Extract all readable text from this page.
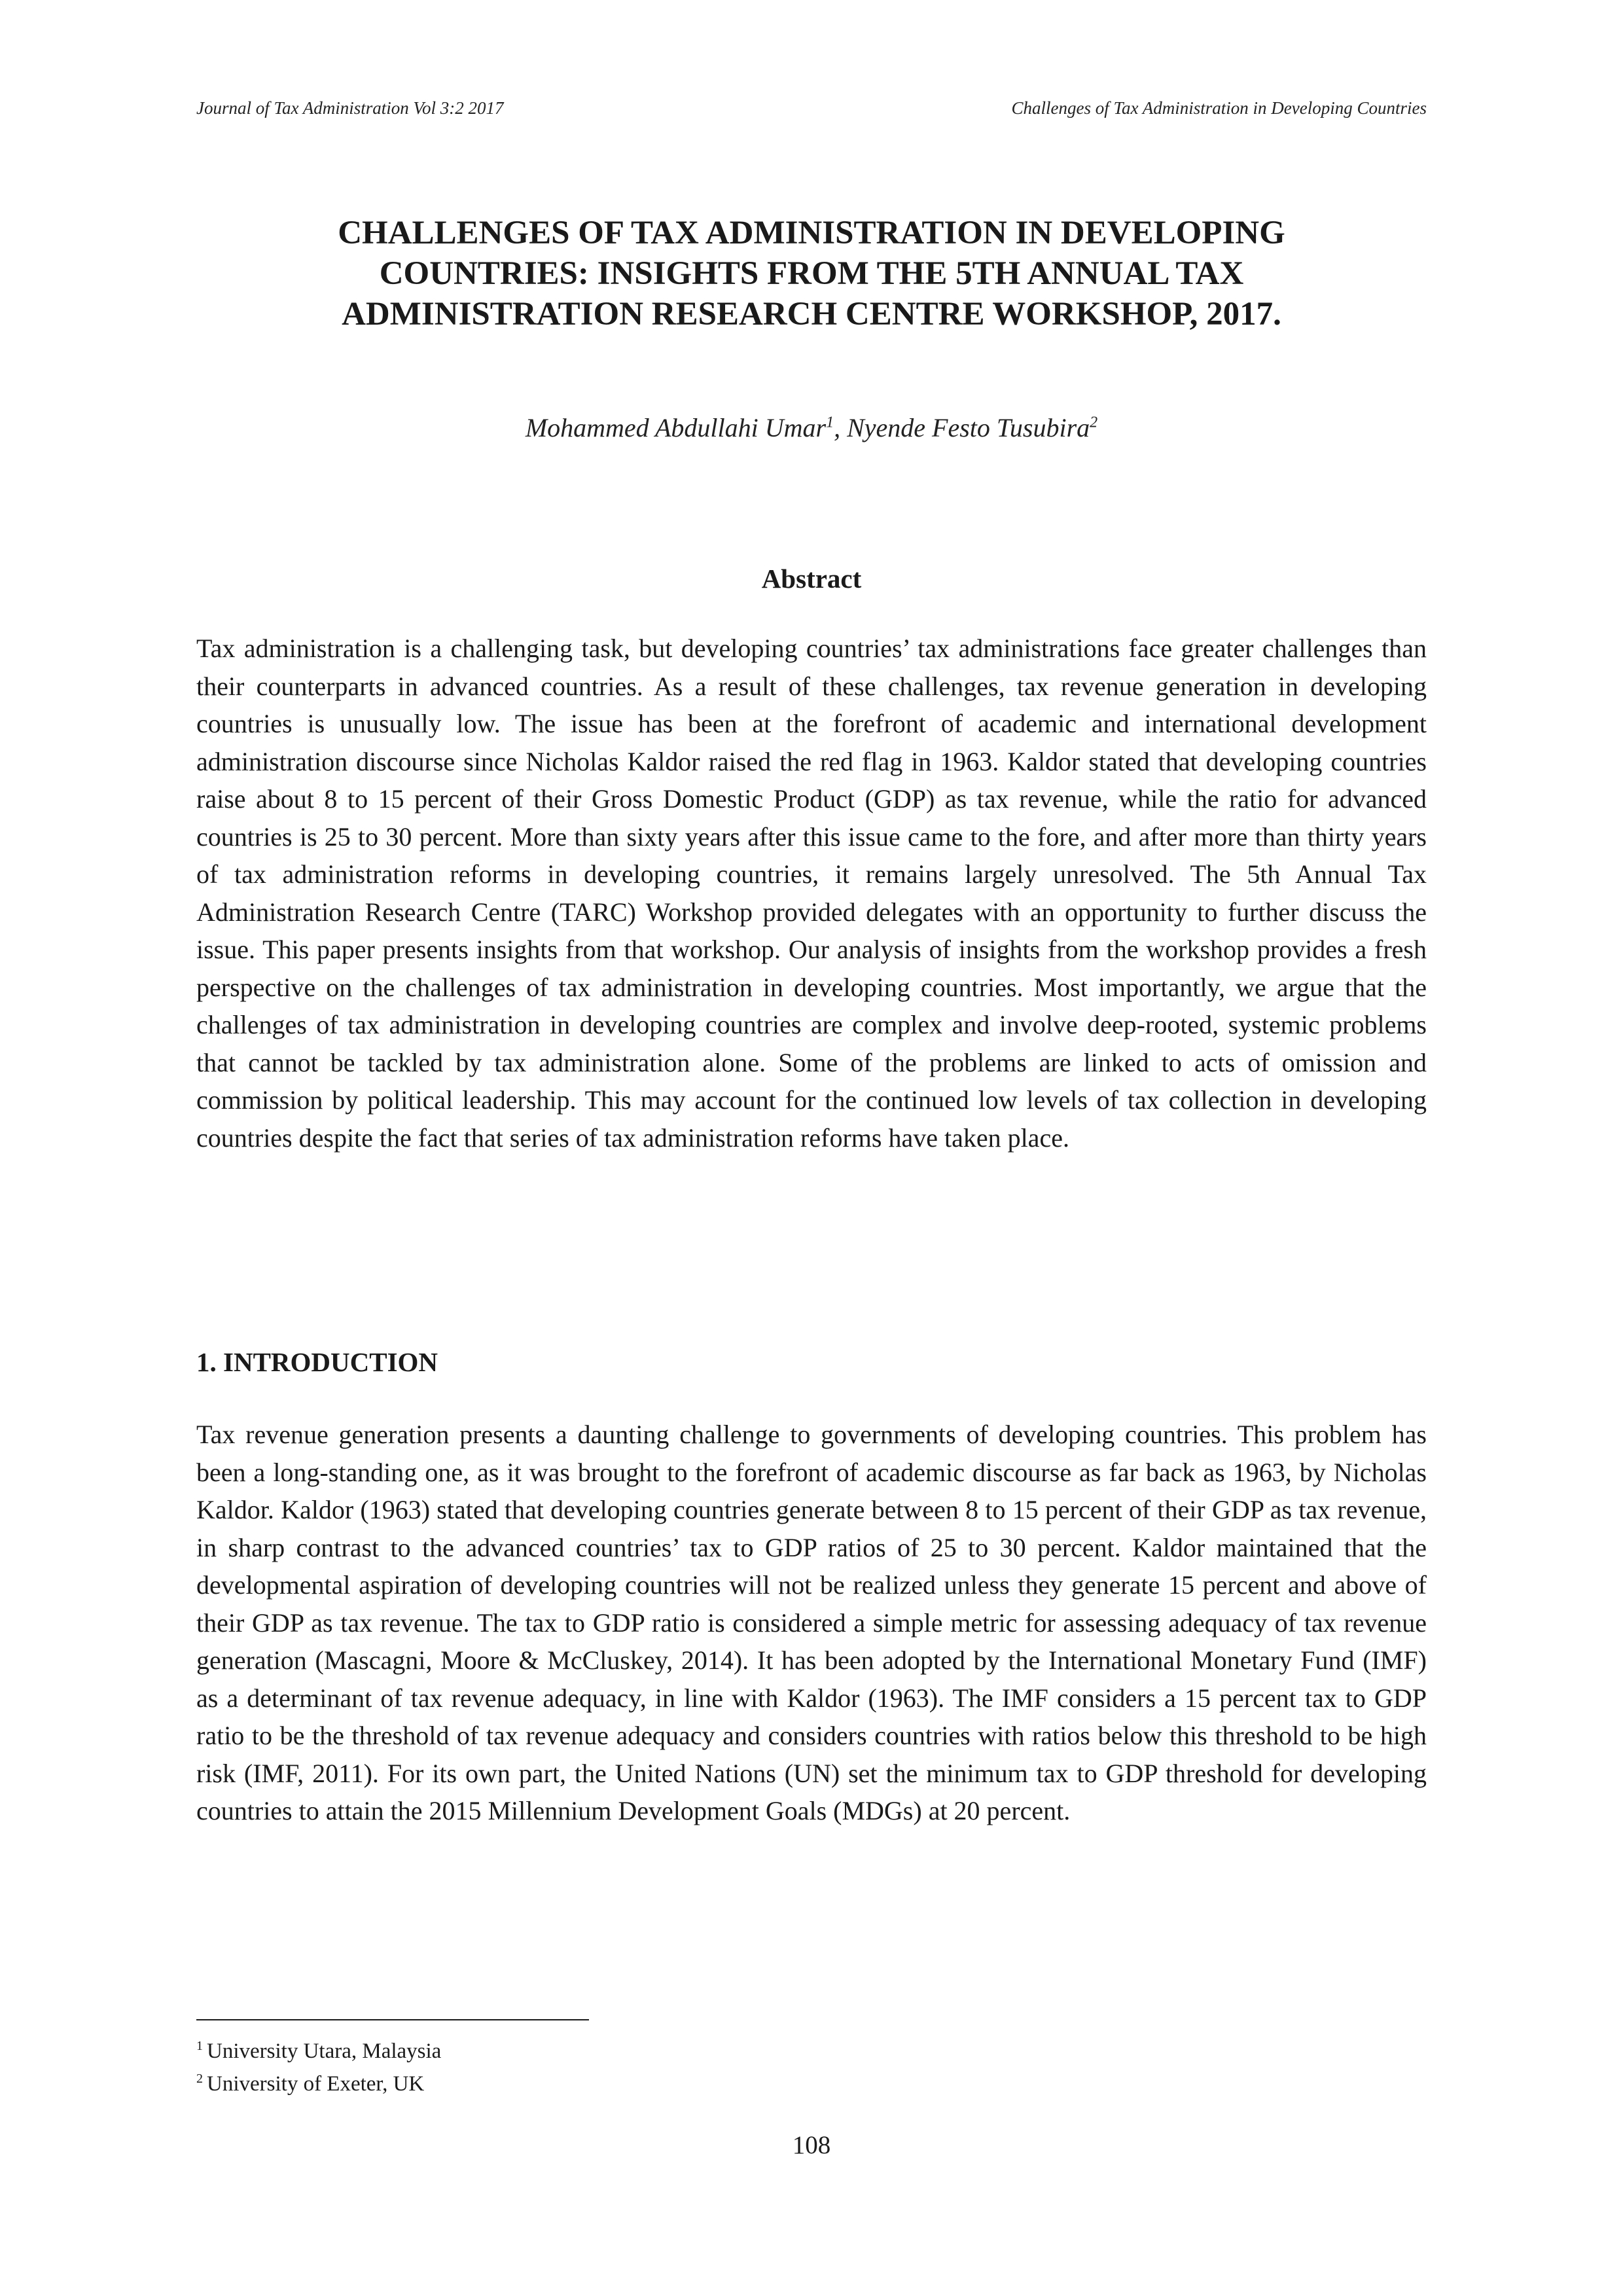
Journal of Tax Administration Vol 3:2 2017	Challenges of Tax Administration in Developing Countries
CHALLENGES OF TAX ADMINISTRATION IN DEVELOPING
COUNTRIES: INSIGHTS FROM THE 5TH ANNUAL TAX
ADMINISTRATION RESEARCH CENTRE WORKSHOP, 2017.
Mohammed Abdullahi Umar$^1$, Nyende Festo Tusubira$^2$
Abstract
Tax administration is a challenging task, but developing countries’ tax administrations face greater challenges than their counterparts in advanced countries. As a result of these challenges, tax revenue generation in developing countries is unusually low. The issue has been at the forefront of academic and international development administration discourse since Nicholas Kaldor raised the red flag in 1963. Kaldor stated that developing countries raise about 8 to 15 percent of their Gross Domestic Product (GDP) as tax revenue, while the ratio for advanced countries is 25 to 30 percent. More than sixty years after this issue came to the fore, and after more than thirty years of tax administration reforms in developing countries, it remains largely unresolved. The 5th Annual Tax Administration Research Centre (TARC) Workshop provided delegates with an opportunity to further discuss the issue. This paper presents insights from that workshop. Our analysis of insights from the workshop provides a fresh perspective on the challenges of tax administration in developing countries. Most importantly, we argue that the challenges of tax administration in developing countries are complex and involve deep-rooted, systemic problems that cannot be tackled by tax administration alone. Some of the problems are linked to acts of omission and commission by political leadership. This may account for the continued low levels of tax collection in developing countries despite the fact that series of tax administration reforms have taken place.
1. INTRODUCTION
Tax revenue generation presents a daunting challenge to governments of developing countries. This problem has been a long-standing one, as it was brought to the forefront of academic discourse as far back as 1963, by Nicholas Kaldor. Kaldor (1963) stated that developing countries generate between 8 to 15 percent of their GDP as tax revenue, in sharp contrast to the advanced countries’ tax to GDP ratios of 25 to 30 percent. Kaldor maintained that the developmental aspiration of developing countries will not be realized unless they generate 15 percent and above of their GDP as tax revenue. The tax to GDP ratio is considered a simple metric for assessing adequacy of tax revenue generation (Mascagni, Moore & McCluskey, 2014). It has been adopted by the International Monetary Fund (IMF) as a determinant of tax revenue adequacy, in line with Kaldor (1963). The IMF considers a 15 percent tax to GDP ratio to be the threshold of tax revenue adequacy and considers countries with ratios below this threshold to be high risk (IMF, 2011). For its own part, the United Nations (UN) set the minimum tax to GDP threshold for developing countries to attain the 2015 Millennium Development Goals (MDGs) at 20 percent.
$^1$ University Utara, Malaysia
$^2$ University of Exeter, UK
108
